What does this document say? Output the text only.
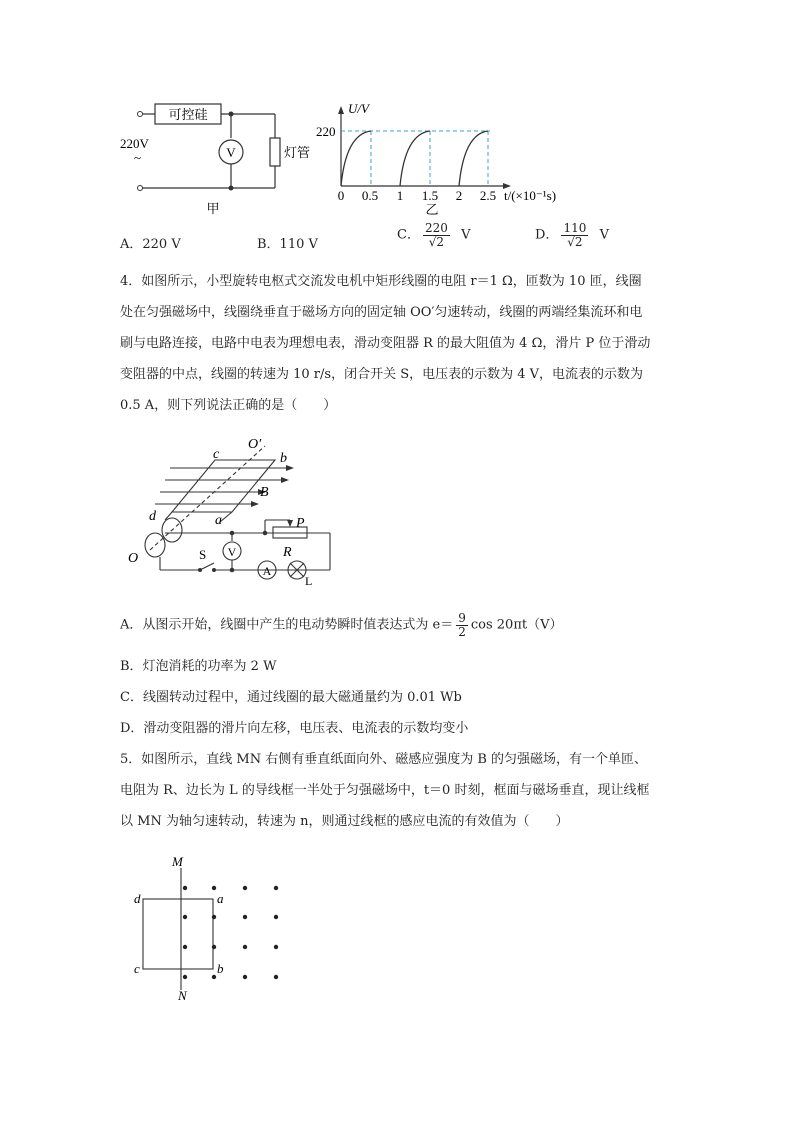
可控硅
220V
~	V	灯管
甲
U/V
220
0 0.5 1 1.5 2 2.5 t/(×10⁻¹s)
乙
A．220 V	B．110 V
C． $\frac{220}{√2}$ V	D． $\frac{110}{√2}$ V
4．如图所示，小型旋转电枢式交流发电机中矩形线圈的电阻 r＝1 Ω，匝数为 10 匝，线圈
处在匀强磁场中，线圈绕垂直于磁场方向的固定轴 OO′匀速转动，线圈的两端经集流环和电
刷与电路连接，电路中电表为理想电表，滑动变阻器 R 的最大阻值为 4 Ω，滑片 P 位于滑动
变阻器的中点，线圈的转速为 10 r/s，闭合开关 S，电压表的示数为 4 V，电流表的示数为
0.5 A，则下列说法正确的是（　　）
O′
c	b
B
d	a	P
R
O	S V
A
L
A．从图示开始，线圈中产生的电动势瞬时值表达式为 $e= \frac{9}{2}$ cos 20πt（V）
B．灯泡消耗的功率为 2 W
C．线圈转动过程中，通过线圈的最大磁通量约为 0.01 Wb
D．滑动变阻器的滑片向左移，电压表、电流表的示数均变小
5．如图所示，直线 MN 右侧有垂直纸面向外、磁感应强度为 B 的匀强磁场，有一个单匝、
电阻为 R、边长为 L 的导线框一半处于匀强磁场中，t＝0 时刻，框面与磁场垂直，现让线框
以 MN 为轴匀速转动，转速为 n，则通过线框的感应电流的有效值为（　　）
M
N
a
b
c
d
